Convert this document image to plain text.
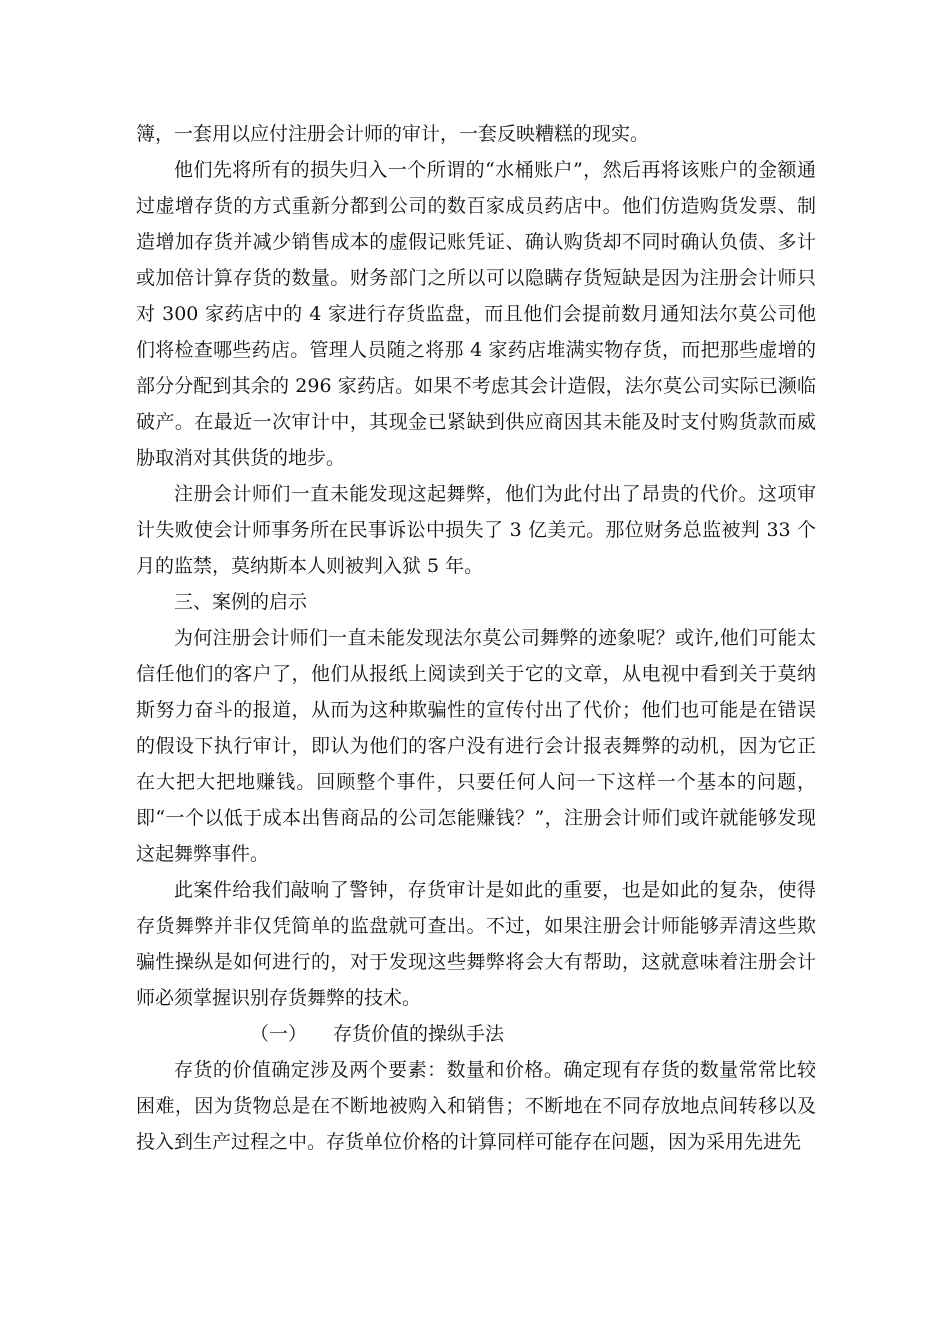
簿，一套用以应付注册会计师的审计，一套反映糟糕的现实。

他们先将所有的损失归入一个所谓的“水桶账户”，然后再将该账户的金额通过虚增存货的方式重新分都到公司的数百家成员药店中。他们仿造购货发票、制造增加存货并减少销售成本的虚假记账凭证、确认购货却不同时确认负债、多计或加倍计算存货的数量。财务部门之所以可以隐瞒存货短缺是因为注册会计师只对 300 家药店中的 4 家进行存货监盘，而且他们会提前数月通知法尔莫公司他们将检查哪些药店。管理人员随之将那 4 家药店堆满实物存货，而把那些虚增的部分分配到其余的 296 家药店。如果不考虑其会计造假，法尔莫公司实际已濒临破产。在最近一次审计中，其现金已紧缺到供应商因其未能及时支付购货款而威胁取消对其供货的地步。

注册会计师们一直未能发现这起舞弊，他们为此付出了昂贵的代价。这项审计失败使会计师事务所在民事诉讼中损失了 3 亿美元。那位财务总监被判 33 个月的监禁，莫纳斯本人则被判入狱 5 年。

三、案例的启示

为何注册会计师们一直未能发现法尔莫公司舞弊的迹象呢？或许,他们可能太信任他们的客户了，他们从报纸上阅读到关于它的文章，从电视中看到关于莫纳斯努力奋斗的报道，从而为这种欺骗性的宣传付出了代价；他们也可能是在错误的假设下执行审计，即认为他们的客户没有进行会计报表舞弊的动机，因为它正在大把大把地赚钱。回顾整个事件，只要任何人问一下这样一个基本的问题，即“一个以低于成本出售商品的公司怎能赚钱？”，注册会计师们或许就能够发现这起舞弊事件。

此案件给我们敲响了警钟，存货审计是如此的重要，也是如此的复杂，使得存货舞弊并非仅凭简单的监盘就可查出。不过，如果注册会计师能够弄清这些欺骗性操纵是如何进行的，对于发现这些舞弊将会大有帮助，这就意味着注册会计师必须掌握识别存货舞弊的技术。

（一） 存货价值的操纵手法

存货的价值确定涉及两个要素：数量和价格。确定现有存货的数量常常比较困难，因为货物总是在不断地被购入和销售；不断地在不同存放地点间转移以及投入到生产过程之中。存货单位价格的计算同样可能存在问题，因为采用先进先
